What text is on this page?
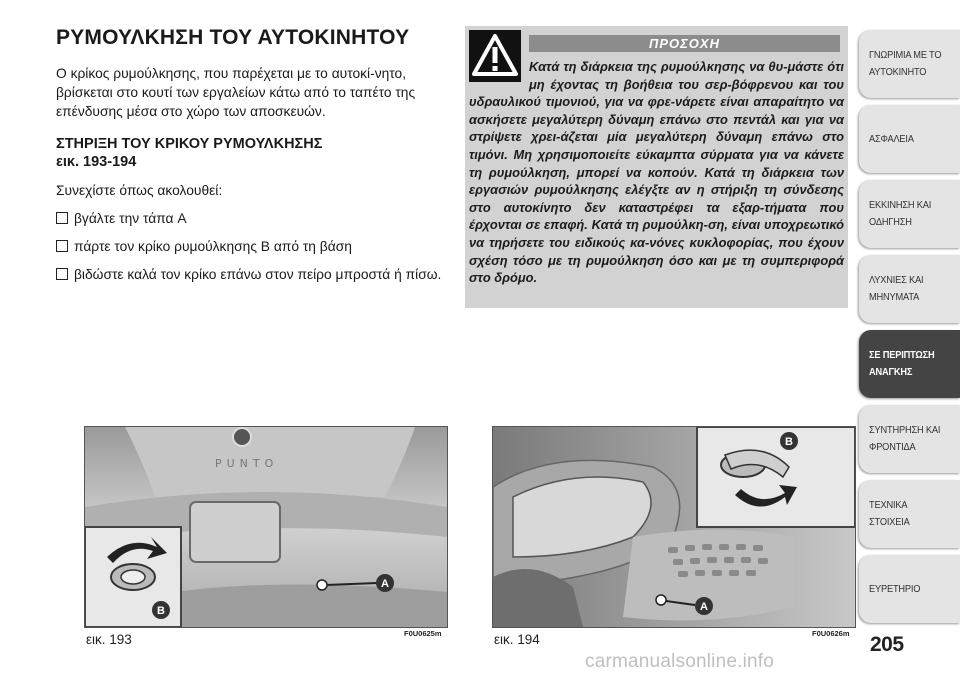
ΡΥΜΟΥΛΚΗΣΗ ΤΟΥ ΑΥΤΟΚΙΝΗΤΟΥ

Ο κρίκος ρυμούλκησης, που παρέχεται με το αυτοκί-νητο, βρίσκεται στο κουτί των εργαλείων κάτω από το ταπέτο της επένδυσης μέσα στο χώρο των αποσκευών.

ΣΤΗΡΙΞΗ ΤΟΥ ΚΡΙΚΟΥ ΡΥΜΟΥΛΚΗΣΗΣ

εικ. 193-194

Συνεχίστε όπως ακολουθεί:

βγάλτε την τάπα A

πάρτε τον κρίκο ρυμούλκησης B από τη βάση

βιδώστε καλά τον κρίκο επάνω στον πείρο μπροστά ή πίσω.

ΠΡΟΣΟΧΗ
Κατά τη διάρκεια της ρυμούλκησης να θυ-μάστε ότι μη έχοντας τη βοήθεια του σερ-βόφρενου και του υδραυλικού τιμονιού, για να φρε-νάρετε είναι απαραίτητο να ασκήσετε μεγαλύτερη δύναμη επάνω στο πεντάλ και για να στρίψετε χρει-άζεται μία μεγαλύτερη δύναμη επάνω στο τιμόνι. Μη χρησιμοποιείτε εύκαμπτα σύρματα για να κάνετε τη ρυμούλκηση, μπορεί να κοπούν. Κατά τη διάρκεια των εργασιών ρυμούλκησης ελέγξτε αν η στήριξη τη σύνδεσης στο αυτοκίνητο δεν καταστρέφει τα εξαρ-τήματα που έρχονται σε επαφή. Κατά τη ρυμούλκη-ση, είναι υποχρεωτικό να τηρήσετε του ειδικούς κα-νόνες κυκλοφορίας, που έχουν σχέση τόσο με τη ρυμούλκηση όσο και με τη συμπεριφορά στο δρόμο.
PUNTO
B
A
εικ. 193	F0U0625m
B
A
εικ. 194	F0U0626m
ΓΝΩΡΙΜΙΑ ΜΕ ΤΟ
ΑΥΤΟΚΙΝΗΤΟ
ΑΣΦΑΛΕΙΑ
ΕΚΚΙΝΗΣΗ ΚΑΙ
ΟΔΗΓΗΣΗ
ΛΥΧΝΙΕΣ ΚΑΙ
ΜΗΝΥΜΑΤΑ
ΣΕ ΠΕΡΙΠΤΩΣΗ
ΑΝΑΓΚΗΣ
ΣΥΝΤΗΡΗΣΗ ΚΑΙ
ΦΡΟΝΤΙΔΑ
ΤΕΧΝΙΚΑ ΣΤΟΙΧΕΙΑ
ΕΥΡΕΤΗΡΙΟ
205
carmanualsonline.info
